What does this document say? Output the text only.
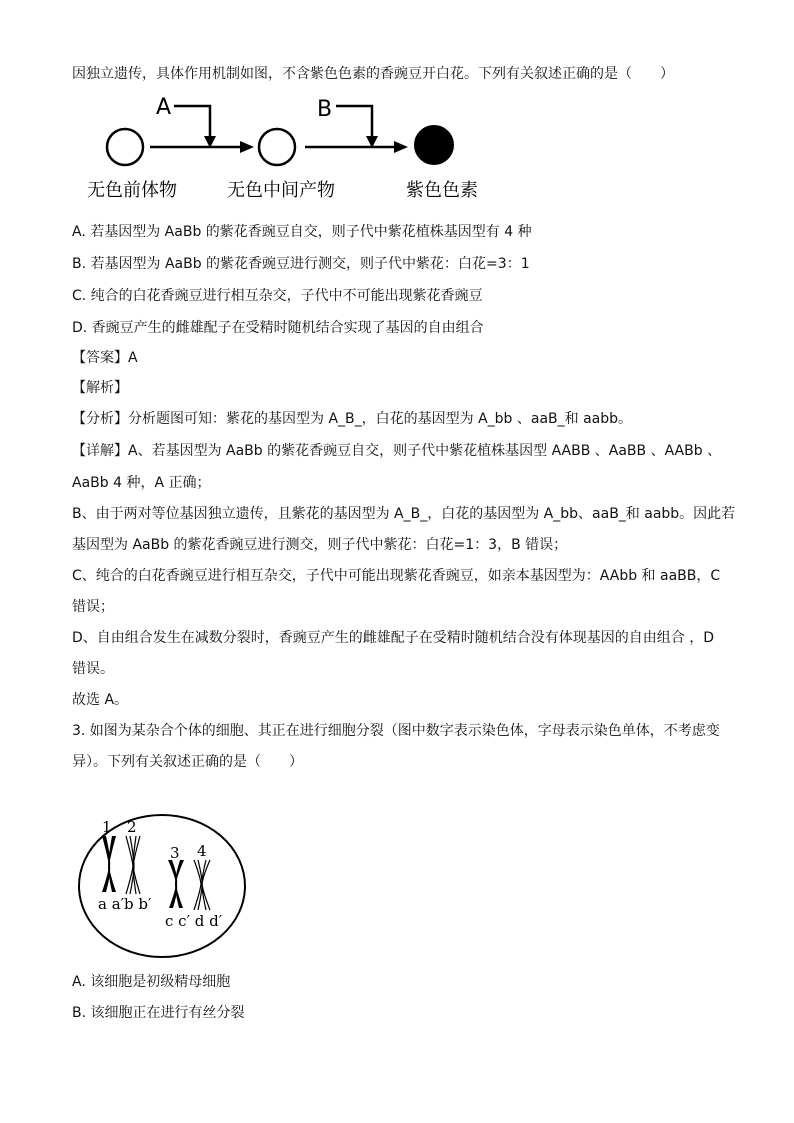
因独立遗传，具体作用机制如图，不含紫色色素的香豌豆开白花。下列有关叙述正确的是（　　）
A	B
无色前体物	无色中间产物	紫色色素
A. 若基因型为 AaBb 的紫花香豌豆自交，则子代中紫花植株基因型有 4 种
B. 若基因型为 AaBb 的紫花香豌豆进行测交，则子代中紫花：白花=3：1
C. 纯合的白花香豌豆进行相互杂交，子代中不可能出现紫花香豌豆
D. 香豌豆产生的雌雄配子在受精时随机结合实现了基因的自由组合
【答案】A
【解析】
【分析】分析题图可知：紫花的基因型为 A_B_，白花的基因型为 A_bb 、aaB_和 aabb。
【详解】A、若基因型为 AaBb 的紫花香豌豆自交，则子代中紫花植株基因型 AABB 、AaBB 、AABb 、
AaBb 4 种，A 正确；
B、由于两对等位基因独立遗传，且紫花的基因型为 A_B_，白花的基因型为 A_bb、aaB_和 aabb。因此若
基因型为 AaBb 的紫花香豌豆进行测交，则子代中紫花：白花=1：3，B 错误；
C、纯合的白花香豌豆进行相互杂交，子代中可能出现紫花香豌豆，如亲本基因型为：AAbb 和 aaBB，C
错误；
D、自由组合发生在减数分裂时，香豌豆产生的雌雄配子在受精时随机结合没有体现基因的自由组合 ，D
错误。
故选 A。
3. 如图为某杂合个体的细胞、其正在进行细胞分裂（图中数字表示染色体，字母表示染色单体，不考虑变
异）。下列有关叙述正确的是（　　）
1 2
3 4
a a′b b′
c c′ d d′
A. 该细胞是初级精母细胞
B. 该细胞正在进行有丝分裂
